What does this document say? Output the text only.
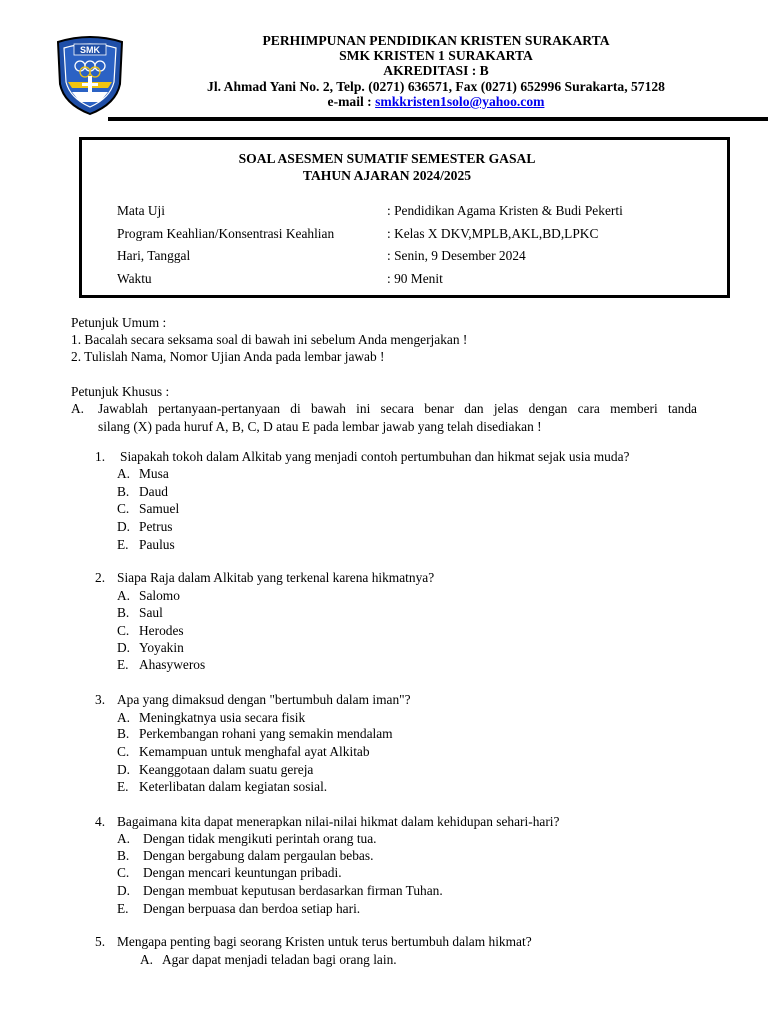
SMK
PERHIMPUNAN PENDIDIKAN KRISTEN SURAKARTA
SMK KRISTEN 1 SURAKARTA
AKREDITASI : B
Jl. Ahmad Yani No. 2, Telp. (0271) 636571, Fax (0271) 652996 Surakarta, 57128
e-mail : smkkristen1solo@yahoo.com
SOAL ASESMEN SUMATIF SEMESTER GASAL
TAHUN AJARAN 2024/2025
Mata Uji	: Pendidikan Agama Kristen & Budi Pekerti
Program Keahlian/Konsentrasi Keahlian	: Kelas X DKV,MPLB,AKL,BD,LPKC
Hari, Tanggal	: Senin, 9 Desember 2024
Waktu	: 90 Menit
Petunjuk Umum :
1. Bacalah secara seksama soal di bawah ini sebelum Anda mengerjakan !
2. Tulislah Nama, Nomor Ujian Anda pada lembar jawab !
Petunjuk Khusus :
A. Jawablah pertanyaan-pertanyaan di bawah ini secara benar dan jelas dengan cara memberi tanda
silang (X) pada huruf A, B, C, D atau E pada lembar jawab yang telah disediakan !
1. Siapakah tokoh dalam Alkitab yang menjadi contoh pertumbuhan dan hikmat sejak usia muda?
A. Musa
B. Daud
C. Samuel
D. Petrus
E. Paulus
2. Siapa Raja dalam Alkitab yang terkenal karena hikmatnya?
A. Salomo
B. Saul
C. Herodes
D. Yoyakin
E. Ahasyweros
3. Apa yang dimaksud dengan "bertumbuh dalam iman"?
A. Meningkatnya usia secara fisik
B. Perkembangan rohani yang semakin mendalam
C. Kemampuan untuk menghafal ayat Alkitab
D. Keanggotaan dalam suatu gereja
E. Keterlibatan dalam kegiatan sosial.
4. Bagaimana kita dapat menerapkan nilai-nilai hikmat dalam kehidupan sehari-hari?
A. Dengan tidak mengikuti perintah orang tua.
B. Dengan bergabung dalam pergaulan bebas.
C. Dengan mencari keuntungan pribadi.
D. Dengan membuat keputusan berdasarkan firman Tuhan.
E. Dengan berpuasa dan berdoa setiap hari.
5. Mengapa penting bagi seorang Kristen untuk terus bertumbuh dalam hikmat?
A. Agar dapat menjadi teladan bagi orang lain.
